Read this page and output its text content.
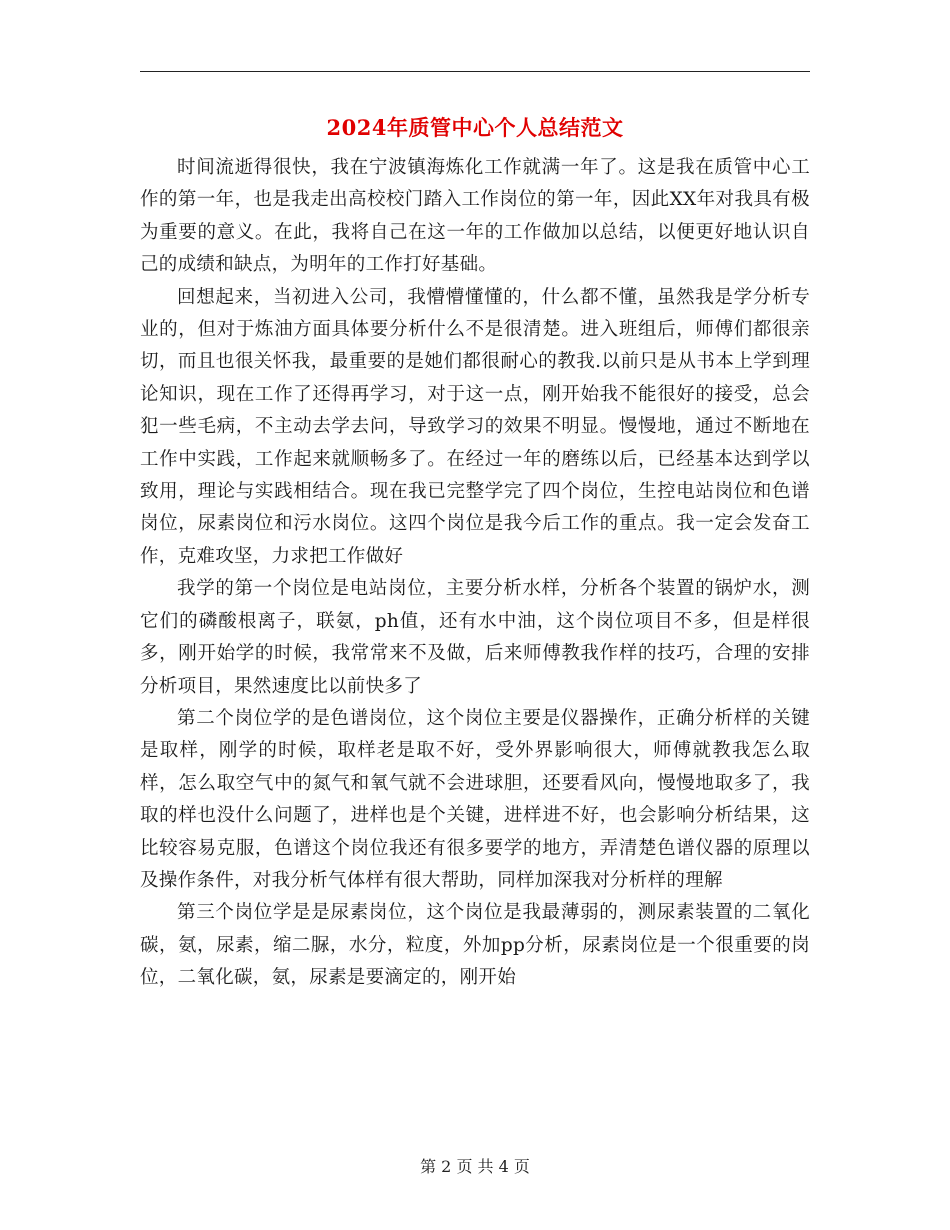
2024年质管中心个人总结范文

时间流逝得很快，我在宁波镇海炼化工作就满一年了。这是我在质管中心工作的第一年，也是我走出高校校门踏入工作岗位的第一年，因此XX年对我具有极为重要的意义。在此，我将自己在这一年的工作做加以总结，以便更好地认识自己的成绩和缺点，为明年的工作打好基础。

回想起来，当初进入公司，我懵懵懂懂的，什么都不懂，虽然我是学分析专业的，但对于炼油方面具体要分析什么不是很清楚。进入班组后，师傅们都很亲切，而且也很关怀我，最重要的是她们都很耐心的教我.以前只是从书本上学到理论知识，现在工作了还得再学习，对于这一点，刚开始我不能很好的接受，总会犯一些毛病，不主动去学去问，导致学习的效果不明显。慢慢地，通过不断地在工作中实践，工作起来就顺畅多了。在经过一年的磨练以后，已经基本达到学以致用，理论与实践相结合。现在我已完整学完了四个岗位，生控电站岗位和色谱岗位，尿素岗位和污水岗位。这四个岗位是我今后工作的重点。我一定会发奋工作，克难攻坚，力求把工作做好

我学的第一个岗位是电站岗位，主要分析水样，分析各个装置的锅炉水，测它们的磷酸根离子，联氨，ph值，还有水中油，这个岗位项目不多，但是样很多，刚开始学的时候，我常常来不及做，后来师傅教我作样的技巧，合理的安排分析项目，果然速度比以前快多了

第二个岗位学的是色谱岗位，这个岗位主要是仪器操作，正确分析样的关键是取样，刚学的时候，取样老是取不好，受外界影响很大，师傅就教我怎么取样，怎么取空气中的氮气和氧气就不会进球胆，还要看风向，慢慢地取多了，我取的样也没什么问题了，进样也是个关键，进样进不好，也会影响分析结果，这比较容易克服，色谱这个岗位我还有很多要学的地方，弄清楚色谱仪器的原理以及操作条件，对我分析气体样有很大帮助，同样加深我对分析样的理解

第三个岗位学是是尿素岗位，这个岗位是我最薄弱的，测尿素装置的二氧化碳，氨，尿素，缩二脲，水分，粒度，外加pp分析，尿素岗位是一个很重要的岗位，二氧化碳，氨，尿素是要滴定的，刚开始

第 2 页 共 4 页
